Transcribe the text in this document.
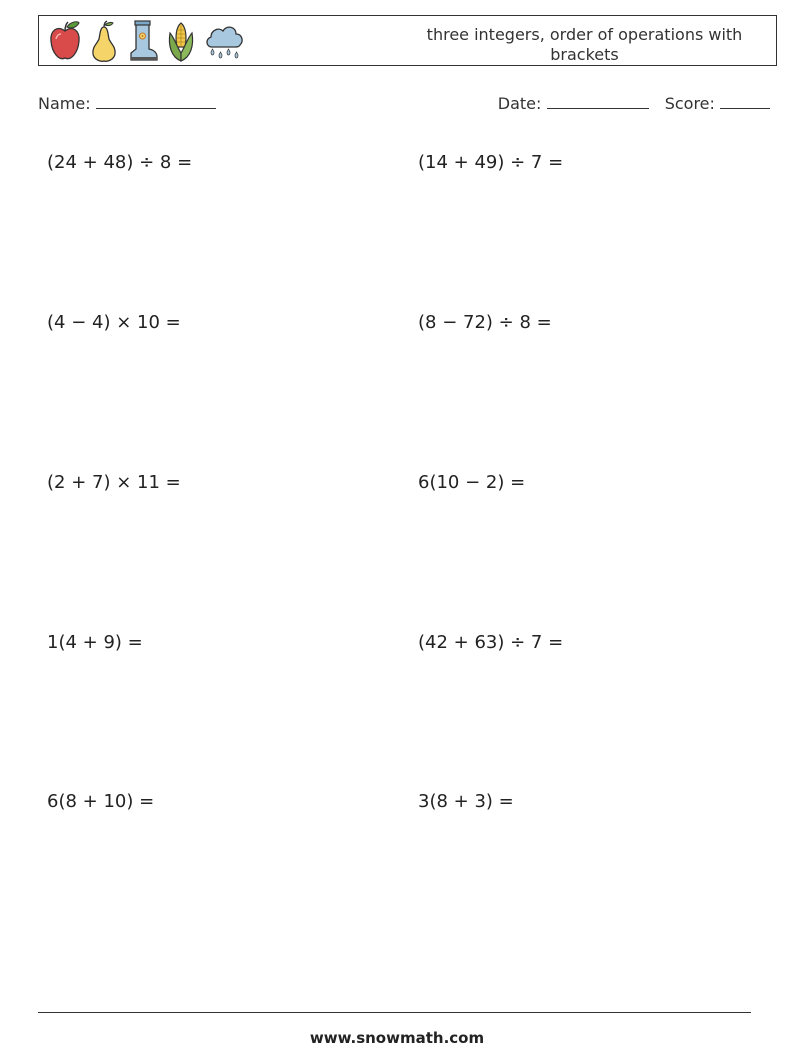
three integers, order of operations with brackets
Name:	Date:	Score:
(24 + 48) ÷ 8 =	(14 + 49) ÷ 7 =
(4 − 4) × 10 =	(8 − 72) ÷ 8 =
(2 + 7) × 11 =	6(10 − 2) =
1(4 + 9) =	(42 + 63) ÷ 7 =
6(8 + 10) =	3(8 + 3) =
www.snowmath.com
